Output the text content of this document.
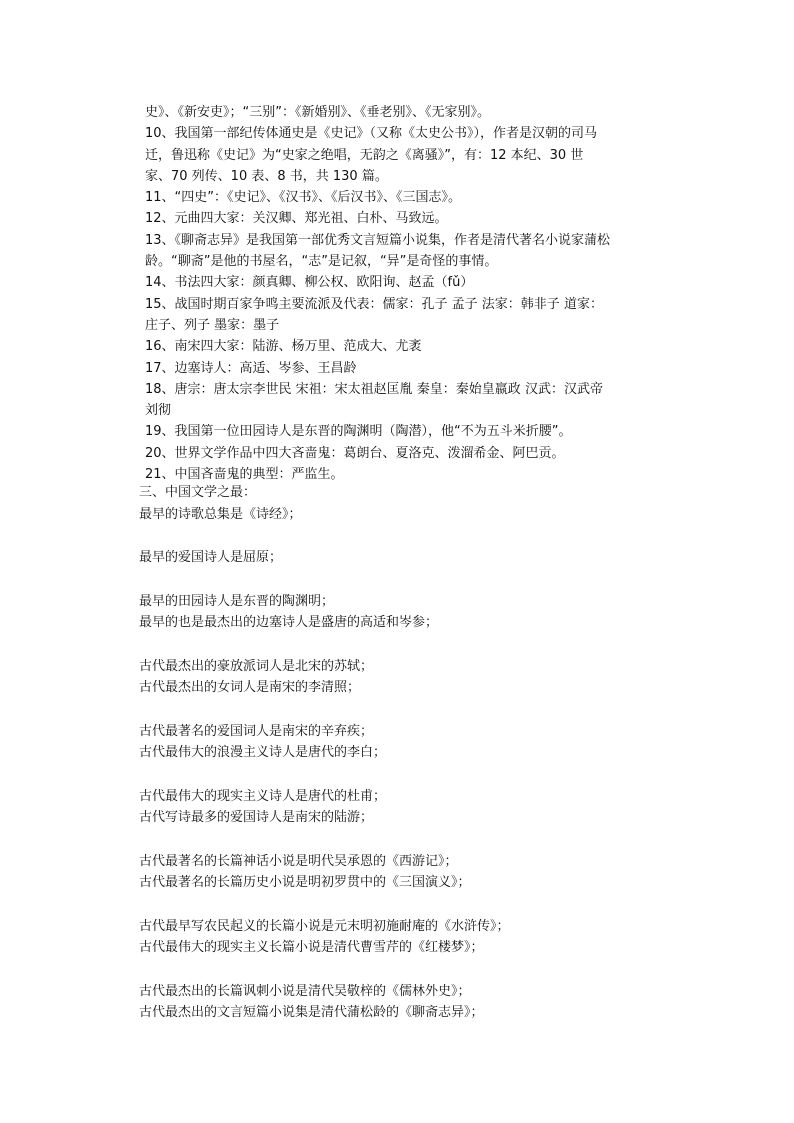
史》、《新安吏》；“三别”：《新婚别》、《垂老别》、《无家别》。
10、我国第一部纪传体通史是《史记》（又称《太史公书》），作者是汉朝的司马
迁，鲁迅称《史记》为“史家之绝唱，无韵之《离骚》”，有：12 本纪、30 世
家、70 列传、10 表、8 书，共 130 篇。
11、“四史”：《史记》、《汉书》、《后汉书》、《三国志》。
12、元曲四大家：关汉卿、郑光祖、白朴、马致远。
13、《聊斋志异》是我国第一部优秀文言短篇小说集，作者是清代著名小说家蒲松
龄。“聊斋”是他的书屋名，“志”是记叙，“异”是奇怪的事情。
14、书法四大家：颜真卿、柳公权、欧阳询、赵孟（fǔ）
15、战国时期百家争鸣主要流派及代表：儒家：孔子 孟子 法家：韩非子 道家：
庄子、列子 墨家：墨子
16、南宋四大家：陆游、杨万里、范成大、尤袤
17、边塞诗人：高适、岑参、王昌龄
18、唐宗：唐太宗李世民 宋祖：宋太祖赵匡胤 秦皇：秦始皇嬴政 汉武：汉武帝
刘彻
19、我国第一位田园诗人是东晋的陶渊明（陶潜），他“不为五斗米折腰”。
20、世界文学作品中四大吝啬鬼：葛朗台、夏洛克、泼溜希金、阿巴贡。
21、中国吝啬鬼的典型：严监生。
三、中国文学之最：
最早的诗歌总集是《诗经》；
最早的爱国诗人是屈原；
最早的田园诗人是东晋的陶渊明；
最早的也是最杰出的边塞诗人是盛唐的高适和岑参；
古代最杰出的豪放派词人是北宋的苏轼；
古代最杰出的女词人是南宋的李清照；
古代最著名的爱国词人是南宋的辛弃疾；
古代最伟大的浪漫主义诗人是唐代的李白；
古代最伟大的现实主义诗人是唐代的杜甫；
古代写诗最多的爱国诗人是南宋的陆游；
古代最著名的长篇神话小说是明代吴承恩的《西游记》；
古代最著名的长篇历史小说是明初罗贯中的《三国演义》；
古代最早写农民起义的长篇小说是元末明初施耐庵的《水浒传》；
古代最伟大的现实主义长篇小说是清代曹雪芹的《红楼梦》；
古代最杰出的长篇讽刺小说是清代吴敬梓的《儒林外史》；
古代最杰出的文言短篇小说集是清代蒲松龄的《聊斋志异》；
